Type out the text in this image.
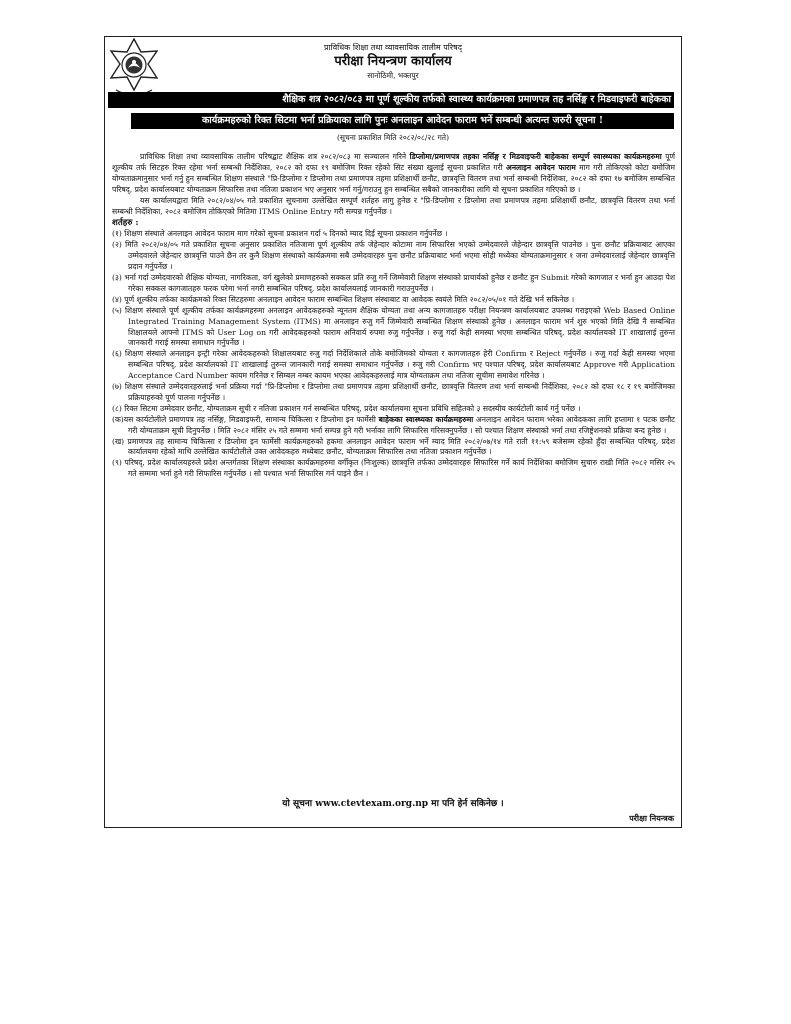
प्राविधिक शिक्षा तथा व्यावसायिक तालीम परिषद्
परीक्षा नियन्त्रण कार्यालय
सानोठिमी, भक्तपुर
शैक्षिक शत्र २०८२/०८३ मा पूर्ण शूल्कीय तर्फको स्वास्थ्य कार्यक्रमका प्रमाणपत्र तह नर्सिङ्ग र मिडवाइफरी बाहेकका
कार्यक्रमहरुको रिक्त सिटमा भर्ना प्रक्रियाका लागि पुनः अनलाइन आवेदन फाराम भर्ने सम्बन्धी अत्यन्त जरुरी सूचना !
(सूचना प्रकाशित मिति २०८२/०८/२८ गते)

प्राविधिक शिक्षा तथा व्यावसायिक तालीम परिषद्बाट शैक्षिक शत्र २०८२/०८३ मा सञ्चालन गरिने डिप्लोमा/प्रमाणपत्र तहका नर्सिङ्ग र मिडवाइफरी बाहेकका सम्पूर्ण स्वास्थ्यका कार्यक्रमहरुमा पूर्ण शूल्कीय तर्फ सिटहरु रिक्त रहेमा भर्ना सम्बन्धी निर्देशिका, २०८२ को दफा १९ बमोजिम रिक्त रहेको सिट संख्या खुलाई सूचना प्रकाशित गरी अनलाइन आवेदन फाराम माग गरी तोकिएको कोटा बमोजिम योग्यताक्रमानुसार भर्ना गर्नु हुन सम्बन्धित शिक्षण संस्थाले "प्रि-डिप्लोमा र डिप्लोमा तथा प्रमाणपत्र तहमा प्रशिक्षार्थी छनौट, छात्रवृत्ति वितरण तथा भर्ना सम्बन्धी निर्देशिका, २०८२ को दफा १७ बमोजिम सम्बन्धित परिषद्, प्रदेश कार्यालयबाट योग्यताक्रम सिफारिस तथा नतिजा प्रकाशन भए अनुसार भर्ना गर्नु/गराउनु हुन सम्बन्धित सबैको जानकारीका लागि यो सूचना प्रकाशित गरिएको छ ।

यस कार्यालयद्वारा मिति २०८२/०४/०५ गते प्रकाशित सूचनामा उल्लेखित सम्पूर्ण शर्तहरु लागु हुनेछ र "प्रि-डिप्लोमा र डिप्लोमा तथा प्रमाणपत्र तहमा प्रशिक्षार्थी छनौट, छात्रवृत्ति वितरण तथा भर्ना सम्बन्धी निर्देशिका, २०८२ बमोजिम तोकिएको मितिमा ITMS Online Entry गरी सम्पन्न गर्नुपर्नेछ ।

शर्तहरु :

(१) शिक्षण संस्थाले अनलाइन आवेदन फाराम माग गरेको सूचना प्रकाशन गर्दा ५ दिनको म्याद दिई सूचना प्रकाशन गर्नुपर्नेछ ।

(२) मिति २०८२/०४/०५ गते प्रकाशित सूचना अनुसार प्रकाशित नतिजामा पूर्ण शूल्कीय तर्फ जेहेन्दार कोटामा नाम सिफारिस भएको उम्मेदवारले जेहेन्दार छात्रवृत्ति पाउनेछ । पुनः छनौट प्रक्रियाबाट आएका उम्मेदवारले जेहेन्दार छात्रवृत्ति पाउने छैन तर कुनै शिक्षण संस्थाको कार्यक्रममा सबै उम्मेदवारहरु पुनः छनौट प्रक्रियाबाट भर्ना भएमा सोही मध्येका योग्यताक्रमानुसार १ जना उम्मेदवारलाई जेहेन्दार छात्रवृत्ति प्रदान गर्नुपर्नेछ ।

(३) भर्ना गर्दा उम्मेदवारको शैक्षिक योग्यता, नागरिकता, वर्ग खुलेको प्रमाणहरुको सक्कल प्रति रुजु गर्ने जिम्मेवारी शिक्षण संस्थाको प्राचार्यको हुनेछ र छनौट हुन Submit गरेको कागजात र भर्ना हुन आउदा पेश गरेका सक्कल कागजातहरु फरक परेमा भर्ना नगरी सम्बन्धित परिषद्, प्रदेश कार्यालयलाई जानकारी गराउनुपर्नेछ ।

(४) पूर्ण शूल्कीय तर्फका कार्यक्रमको रिक्त सिटहरुमा अनलाइन आवेदन फाराम सम्बन्धित शिक्षण संस्थाबाट वा आवेदक स्वयंले मिति २०८२/०५/०१ गते देखि भर्न सकिनेछ ।

(५) शिक्षण संस्थाले पूर्ण शूल्कीय तर्फका कार्यक्रमहरुमा अनलाइन आवेदकहरुको न्यूनतम शैक्षिक योग्यता तथा अन्य कागजातहरु परीक्षा नियन्त्रण कार्यालयबाट उपलब्ध गराइएको Web Based Online Integrated Training Management System (ITMS) मा अनलाइन रुजु गर्ने जिम्मेवारी सम्बन्धित शिक्षण संस्थाको हुनेछ । अनलाइन फाराम भर्न शुरु भएको मिति देखि नै सम्बन्धित शिक्षालयले आफ्नो ITMS को User Log on गरी आवेदकहरुको फाराम अनिवार्य रुपमा रुजु गर्नुपर्नेछ । रुजु गर्दा केही समस्या भएमा सम्बन्धित परिषद्, प्रदेश कार्यालयको IT शाखालाई तुरुन्त जानकारी गराई समस्या समाधान गर्नुपर्नेछ ।

(६) शिक्षण संस्थाले अनलाइन इन्ट्री गरेका आवेदकहरुको शिक्षालयबाट रुजु गर्दा निर्देशिकाले तोके बमोजिमको योग्यता र कागजातहरु हेरी Confirm र Reject गर्नुपर्नेछ । रुजु गर्दा केही समस्या भएमा सम्बन्धित परिषद्, प्रदेश कार्यालयको IT शाखालाई तुरुन्त जानकारी गराई समस्या समाधान गर्नुपर्नेछ । रुजु गरी Confirm भए पश्चात परिषद्, प्रदेश कार्यालयबाट Approve गरी Application Acceptance Card Number कायम गरिनेछ र सिम्बल नम्बर कायम भएका आवेदकहरुलाई मात्र योग्यताक्रम तथा नतिजा सूचीमा समावेश गरिनेछ ।

(७) शिक्षण संस्थाले उम्मेदवारहरुलाई भर्ना प्रक्रिया गर्दा "प्रि-डिप्लोमा र डिप्लोमा तथा प्रमाणपत्र तहमा प्रशिक्षार्थी छनौट, छात्रवृत्ति वितरण तथा भर्ना सम्बन्धी निर्देशिका, २०८२ को दफा १८ र १९ बमोजिमका प्रक्रियाहरुको पूर्ण पालना गर्नुपर्नेछ ।

(८) रिक्त सिटमा उम्मेदवार छनौट, योग्यताक्रम सूची र नतिजा प्रकाशन गर्न सम्बन्धित परिषद्, प्रदेश कार्यालयमा सूचना प्रविधि सहितको ३ सदस्यीय कार्यटोली कार्य गर्नु पर्नेछ ।

(क)यस कार्यटोलीले प्रमाणपत्र तह नर्सिङ्ग, मिडवाइफरी, सामान्य चिकित्सा र डिप्लोमा इन फार्मेसी बाहेकका स्वास्थ्यका कार्यक्रमहरुमा अनलाइन आवेदन फाराम भरेका आवेदकका लागि हप्तामा १ पटक छनौट गरी योग्यताक्रम सूची दिनुपर्नेछ । मिति २०८२ मंसिर २५ गते सम्ममा भर्ना सम्पन्न हुने गरी भर्नाका लागि सिफारिस गरिसक्नुपर्नेछ । सो पश्चात शिक्षण संस्थाको भर्ना तथा रजिष्ट्रेशनको प्रक्रिया बन्द हुनेछ ।

(ख) प्रमाणपत्र तह सामान्य चिकित्सा र डिप्लोमा इन फार्मेसी कार्यक्रमहरुको हकमा अनलाइन आवेदन फाराम भर्ने म्याद मिति २०८२/०७/१४ गते राती ११:५९ बजेसम्म रहेको हुँदा सम्बन्धित परिषद्, प्रदेश कार्यालयमा रहेको माथि उल्लेखित कार्यटोलीले उक्त आवेदकहरु मध्येबाट छनौट, योग्यताक्रम सिफारिस तथा नतिजा प्रकाशन गर्नुपर्नेछ ।

(९) परिषद्, प्रदेश कार्यालयहरुले प्रदेश अन्तर्गतका शिक्षण संस्थाका कार्यक्रमहरुमा वर्गीकृत (निःशुल्क) छात्रवृत्ति तर्फका उम्मेदवारहरु सिफारिस गर्ने कार्य निर्देशिका बमोजिम सुचारु राखी मिति २०८२ मसिर २५ गते सम्ममा भर्ना हुने गरी सिफारिस गर्नुपर्नेछ । सो पश्चात भर्ना सिफारिस गर्न पाइने छैन ।

यो सूचना www.ctevtexam.org.np मा पनि हेर्न सकिनेछ ।
परीक्षा नियन्त्रक
